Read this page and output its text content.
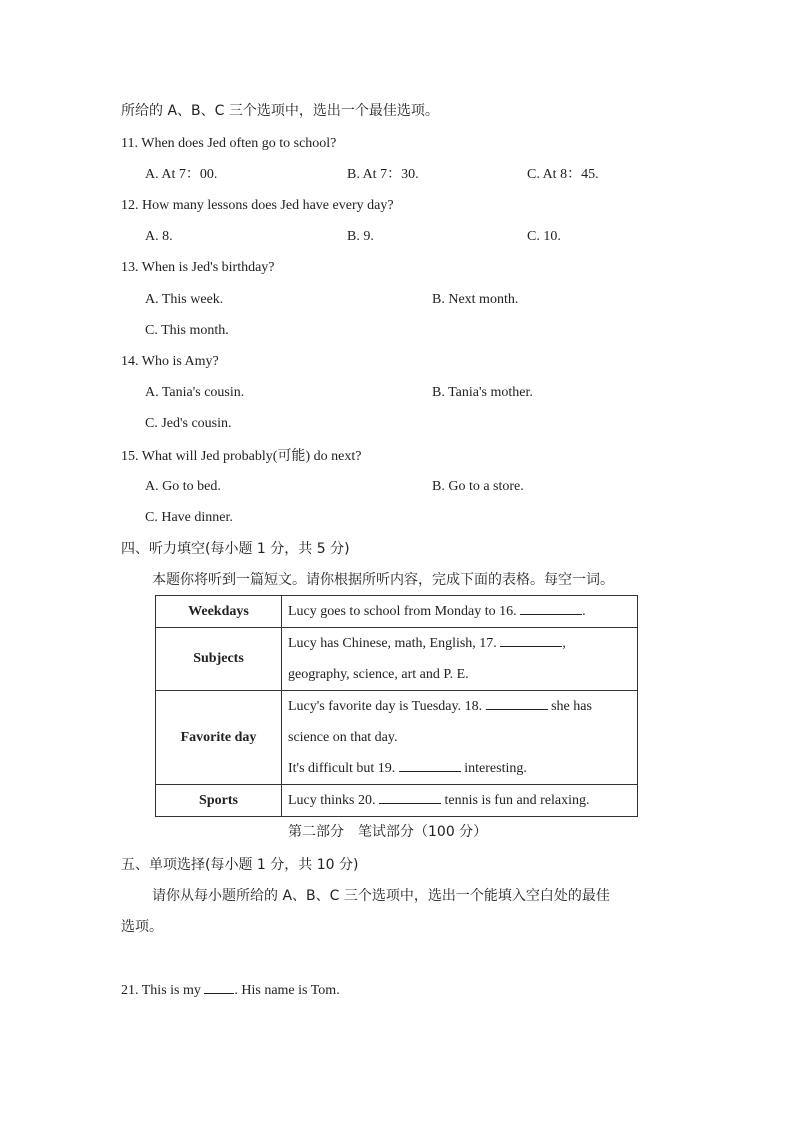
所给的 A、B、C 三个选项中，选出一个最佳选项。
11. When does Jed often go to school?
A. At 7：00.	B. At 7：30.	C. At 8：45.
12. How many lessons does Jed have every day?
A. 8.	B. 9.	C. 10.
13. When is Jed's birthday?
A. This week.	B. Next month.
C. This month.
14. Who is Amy?
A. Tania's cousin.	B. Tania's mother.
C. Jed's cousin.
15. What will Jed probably(可能) do next?
A. Go to bed.	B. Go to a store.
C. Have dinner.
四、听力填空(每小题 1 分，共 5 分)
本题你将听到一篇短文。请你根据所听内容，完成下面的表格。每空一词。
Weekdays	Lucy goes to school from Monday to 16. .
Subjects	Lucy has Chinese, math, English, 17. ,
geography, science, art and P. E.

Favorite day	Lucy's favorite day is Tuesday. 18. she has
science on that day.
It's difficult but 19. interesting.

Sports	Lucy thinks 20. tennis is fun and relaxing.
第二部分　笔试部分（100 分）
五、单项选择(每小题 1 分，共 10 分)
请你从每小题所给的 A、B、C 三个选项中，选出一个能填入空白处的最佳
选项。
21. This is my . His name is Tom.
